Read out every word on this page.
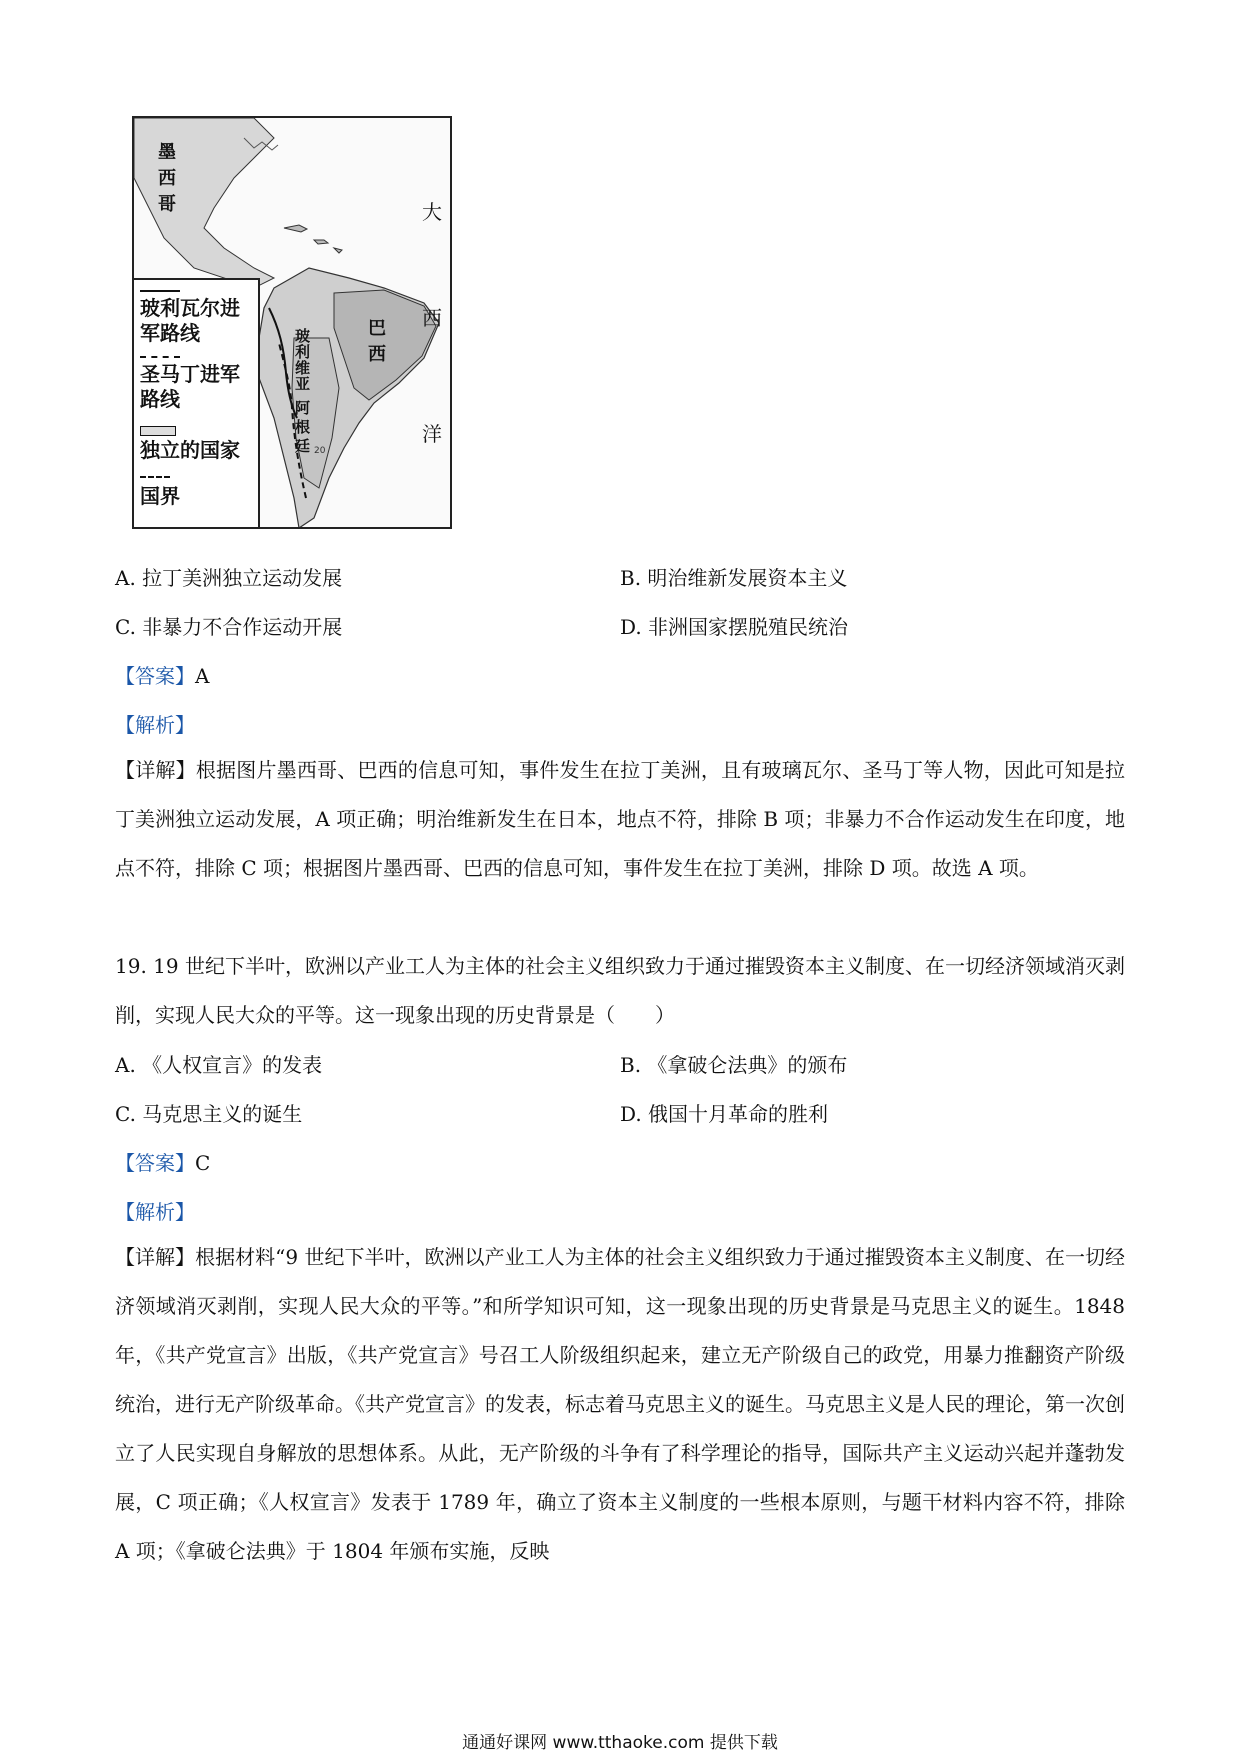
20
墨西哥
巴西
玻利维亚
阿根廷
玻利瓦尔进军路线
圣马丁进军路线
独立的国家
国界
大
西
洋
A. 拉丁美洲独立运动发展	B. 明治维新发展资本主义
C. 非暴力不合作运动开展	D. 非洲国家摆脱殖民统治
【答案】A
【解析】
【详解】根据图片墨西哥、巴西的信息可知，事件发生在拉丁美洲，且有玻璃瓦尔、圣马丁等人物，因此可知是拉丁美洲独立运动发展，A 项正确；明治维新发生在日本，地点不符，排除 B 项；非暴力不合作运动发生在印度，地点不符，排除 C 项；根据图片墨西哥、巴西的信息可知，事件发生在拉丁美洲，排除 D 项。故选 A 项。
19. 19 世纪下半叶，欧洲以产业工人为主体的社会主义组织致力于通过摧毁资本主义制度、在一切经济领域消灭剥削，实现人民大众的平等。这一现象出现的历史背景是（　　）
A. 《人权宣言》的发表	B. 《拿破仑法典》的颁布
C. 马克思主义的诞生	D. 俄国十月革命的胜利
【答案】C
【解析】
【详解】根据材料“9 世纪下半叶，欧洲以产业工人为主体的社会主义组织致力于通过摧毁资本主义制度、在一切经济领域消灭剥削，实现人民大众的平等。”和所学知识可知，这一现象出现的历史背景是马克思主义的诞生。1848 年，《共产党宣言》出版，《共产党宣言》号召工人阶级组织起来，建立无产阶级自己的政党，用暴力推翻资产阶级统治，进行无产阶级革命。《共产党宣言》的发表，标志着马克思主义的诞生。马克思主义是人民的理论，第一次创立了人民实现自身解放的思想体系。从此，无产阶级的斗争有了科学理论的指导，国际共产主义运动兴起并蓬勃发展，C 项正确；《人权宣言》发表于 1789 年，确立了资本主义制度的一些根本原则，与题干材料内容不符，排除 A 项；《拿破仑法典》于 1804 年颁布实施，反映
通通好课网 www.tthaoke.com 提供下载
